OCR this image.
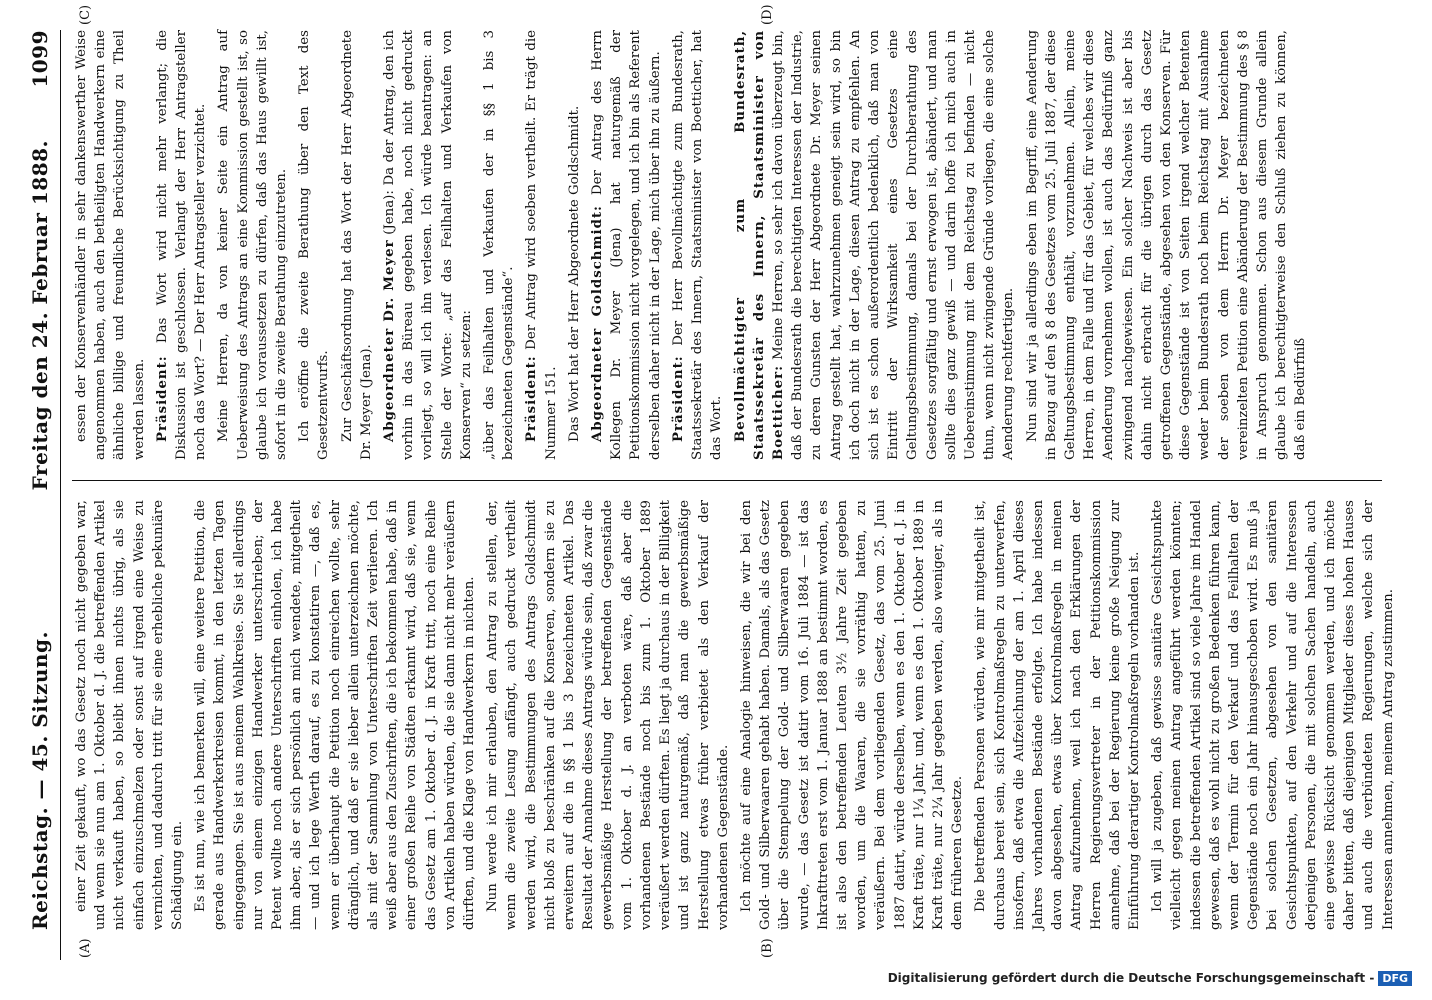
Reichstag. — 45. Sitzung.
Freitag den 24. Februar 1888.
1099
(A)	(B)
(C)	(D)

einer Zeit gekauft, wo das Gesetz noch nicht gegeben war, und wenn sie nun am 1. Oktober d. J. die betreffenden Artikel nicht verkauft haben, so bleibt ihnen nichts übrig, als sie einfach einzuschmelzen oder sonst auf irgend eine Weise zu vernichten, und dadurch tritt für sie eine erhebliche pekuniäre Schädigung ein. Es ist nun, wie ich bemerken will, eine weitere Petition, die gerade aus Handwerkerkreisen kommt, in den letzten Tagen eingegangen. Sie ist aus meinem Wahlkreise. Sie ist allerdings nur von einem einzigen Handwerker unterschrieben; der Petent wollte noch andere Unterschriften einholen, ich habe ihm aber, als er sich persönlich an mich wendete, mitgetheilt — und ich lege Werth darauf, es zu konstatiren —, daß es, wenn er überhaupt die Petition noch einreichen wollte, sehr dränglich, und daß er sie lieber allein unterzeichnen möchte, als mit der Sammlung von Unterschriften Zeit verlieren. Ich weiß aber aus den Zuschriften, die ich bekommen habe, daß in einer großen Reihe von Städten erkannt wird, daß sie, wenn das Gesetz am 1. Oktober d. J. in Kraft tritt, noch eine Reihe von Artikeln haben würden, die sie dann nicht mehr veräußern dürften, und die Klage von Handwerkern in nichten. Nun werde ich mir erlauben, den Antrag zu stellen, der, wenn die zweite Lesung anfängt, auch gedruckt vertheilt werden wird, die Bestimmungen des Antrags Goldschmidt nicht bloß zu beschränken auf die Konserven, sondern sie zu erweitern auf die in §§ 1 bis 3 bezeichneten Artikel. Das Resultat der Annahme dieses Antrags würde sein, daß zwar die gewerbsmäßige Herstellung der betreffenden Gegenstände vom 1. Oktober d. J. an verboten wäre, daß aber die vorhandenen Bestände noch bis zum 1. Oktober 1889 veräußert werden dürften. Es liegt ja durchaus in der Billigkeit und ist ganz naturgemäß, daß man die gewerbsmäßige Herstellung etwas früher verbietet als den Verkauf der vorhandenen Gegenstände. Ich möchte auf eine Analogie hinweisen, die wir bei den Gold- und Silberwaaren gehabt haben. Damals, als das Gesetz über die Stempelung der Gold- und Silberwaaren gegeben wurde, — das Gesetz ist datirt vom 16. Juli 1884 — ist das Inkrafttreten erst vom 1. Januar 1888 an bestimmt worden, es ist also den betreffenden Leuten 3½ Jahre Zeit gegeben worden, um die Waaren, die sie vorräthig hatten, zu veräußern. Bei dem vorliegenden Gesetz, das vom 25. Juni 1887 datirt, würde derselben, wenn es den 1. Oktober d. J. in Kraft träte, nur 1¼ Jahr, und, wenn es den 1. Oktober 1889 in Kraft träte, nur 2¼ Jahr gegeben werden, also weniger, als in dem früheren Gesetze. Die betreffenden Personen würden, wie mir mitgetheilt ist, durchaus bereit sein, sich Kontrolmaßregeln zu unterwerfen, insofern, daß etwa die Aufzeichnung der am 1. April dieses Jahres vorhandenen Bestände erfolgte. Ich habe indessen davon abgesehen, etwas über Kontrolmaßregeln in meinen Antrag aufzunehmen, weil ich nach den Erklärungen der Herren Regierungsvertreter in der Petitionskommission annehme, daß bei der Regierung keine große Neigung zur Einführung derartiger Kontrolmaßregeln vorhanden ist. Ich will ja zugeben, daß gewisse sanitäre Gesichtspunkte vielleicht gegen meinen Antrag angeführt werden könnten; indessen die betreffenden Artikel sind so viele Jahre im Handel gewesen, daß es wohl nicht zu großen Bedenken führen kann, wenn der Termin für den Verkauf und das Feilhalten der Gegenstände noch ein Jahr hinausgeschoben wird. Es muß ja bei solchen Gesetzen, abgesehen von den sanitären Gesichtspunkten, auf den Verkehr und auf die Interessen derjenigen Personen, die mit solchen Sachen handeln, auch eine gewisse Rücksicht genommen werden, und ich möchte daher bitten, daß diejenigen Mitglieder dieses hohen Hauses und auch die verbündeten Regierungen, welche sich der Interessen annehmen, meinem Antrag zustimmen.

essen der Konservenhändler in sehr dankenswerther Weise angenommen haben, auch den betheiligten Handwerkern eine ähnliche billige und freundliche Berücksichtigung zu Theil werden lassen. Präsident: Das Wort wird nicht mehr verlangt; die Diskussion ist geschlossen. Verlangt der Herr Antragsteller noch das Wort? — Der Herr Antragsteller verzichtet. Meine Herren, da von keiner Seite ein Antrag auf Ueberweisung des Antrags an eine Kommission gestellt ist, so glaube ich voraussetzen zu dürfen, daß das Haus gewillt ist, sofort in die zweite Berathung einzutreten. Ich eröffne die zweite Berathung über den Text des Gesetzentwurfs. Zur Geschäftsordnung hat das Wort der Herr Abgeordnete Dr. Meyer (Jena). Abgeordneter Dr. Meyer (Jena): Da der Antrag, den ich vorhin in das Büreau gegeben habe, noch nicht gedruckt vorliegt, so will ich ihn verlesen. Ich würde beantragen: an Stelle der Worte: „auf das Feilhalten und Verkaufen von Konserven“ zu setzen: „über das Feilhalten und Verkaufen der in §§ 1 bis 3 bezeichneten Gegenstände“. Präsident: Der Antrag wird soeben vertheilt. Er trägt die Nummer 151. Das Wort hat der Herr Abgeordnete Goldschmidt. Abgeordneter Goldschmidt: Der Antrag des Herrn Kollegen Dr. Meyer (Jena) hat naturgemäß der Petitionskommission nicht vorgelegen, und ich bin als Referent derselben daher nicht in der Lage, mich über ihn zu äußern. Präsident: Der Herr Bevollmächtigte zum Bundesrath, Staatssekretär des Innern, Staatsminister von Boetticher, hat das Wort. Bevollmächtigter zum Bundesrath, Staatssekretär des Innern, Staatsminister von Boetticher: Meine Herren, so sehr ich davon überzeugt bin, daß der Bundesrath die berechtigten Interessen der Industrie, zu deren Gunsten der Herr Abgeordnete Dr. Meyer seinen Antrag gestellt hat, wahrzunehmen geneigt sein wird, so bin ich doch nicht in der Lage, diesen Antrag zu empfehlen. An sich ist es schon außerordentlich bedenklich, daß man von Eintritt der Wirksamkeit eines Gesetzes eine Geltungsbestimmung, damals bei der Durchberathung des Gesetzes sorgfältig und ernst erwogen ist, abändert, und man sollte dies ganz gewiß — und darin hoffe ich mich auch in Uebereinstimmung mit dem Reichstag zu befinden — nicht thun, wenn nicht zwingende Gründe vorliegen, die eine solche Aenderung rechtfertigen. Nun sind wir ja allerdings eben im Begriff, eine Aenderung in Bezug auf den § 8 des Gesetzes vom 25. Juli 1887, der diese Geltungsbestimmung enthält, vorzunehmen. Allein, meine Herren, in dem Falle und für das Gebiet, für welches wir diese Aenderung vornehmen wollen, ist auch das Bedürfniß ganz zwingend nachgewiesen. Ein solcher Nachweis ist aber bis dahin nicht erbracht für die übrigen durch das Gesetz getroffenen Gegenstände, abgesehen von den Konserven. Für diese Gegenstände ist von Seiten irgend welcher Betenten weder beim Bundesrath noch beim Reichstag mit Ausnahme der soeben von dem Herrn Dr. Meyer bezeichneten vereinzelten Petition eine Abänderung der Bestimmung des § 8 in Anspruch genommen. Schon aus diesem Grunde allein glaube ich berechtigterweise den Schluß ziehen zu können, daß ein Bedürfniß

Digitalisierung gefördert durch die Deutsche Forschungsgemeinschaft - DFG
